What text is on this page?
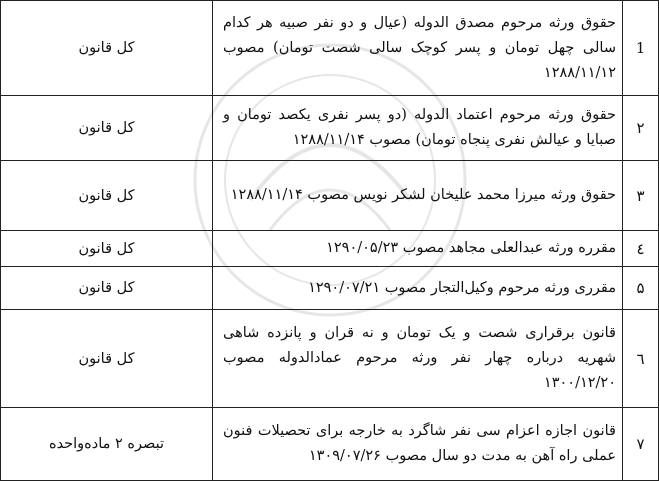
1	حقوق ورثه مرحوم مصدق الدوله (عیال و دو نفر صبیه هر کدام سالی چهل تومان و پسر کوچک سالی شصت تومان) مصوب ۱۲۸۸/۱۱/۱۲	کل قانون
۲	حقوق ورثه مرحوم اعتماد الدوله (دو پسر نفری یکصد تومان و صبایا و عیالش نفری پنجاه تومان) مصوب ۱۲۸۸/۱۱/۱۴	کل قانون
۳	حقوق ورثه میرزا محمد علیخان لشکر نویس مصوب ۱۲۸۸/۱۱/۱۴	کل قانون
٤	مقرره ورثه عبدالعلی مجاهد مصوب ۱۲۹۰/۰۵/۲۳	کل قانون
۵	مقرری ورثه مرحوم وکیل‌التجار مصوب ۱۲۹۰/۰۷/۲۱	کل قانون
٦	قانون برقراری شصت و یک تومان و نه قران و پانزده شاهی شهریه درباره چهار نفر ورثه مرحوم عمادالدوله مصوب ۱۳۰۰/۱۲/۲۰	کل قانون
۷	قانون اجازه اعزام سی نفر شاگرد به خارجه برای تحصیلات فنون عملی راه آهن به مدت دو سال مصوب ۱۳۰۹/۰۷/۲۶	تبصره ۲ ماده‌واحده
